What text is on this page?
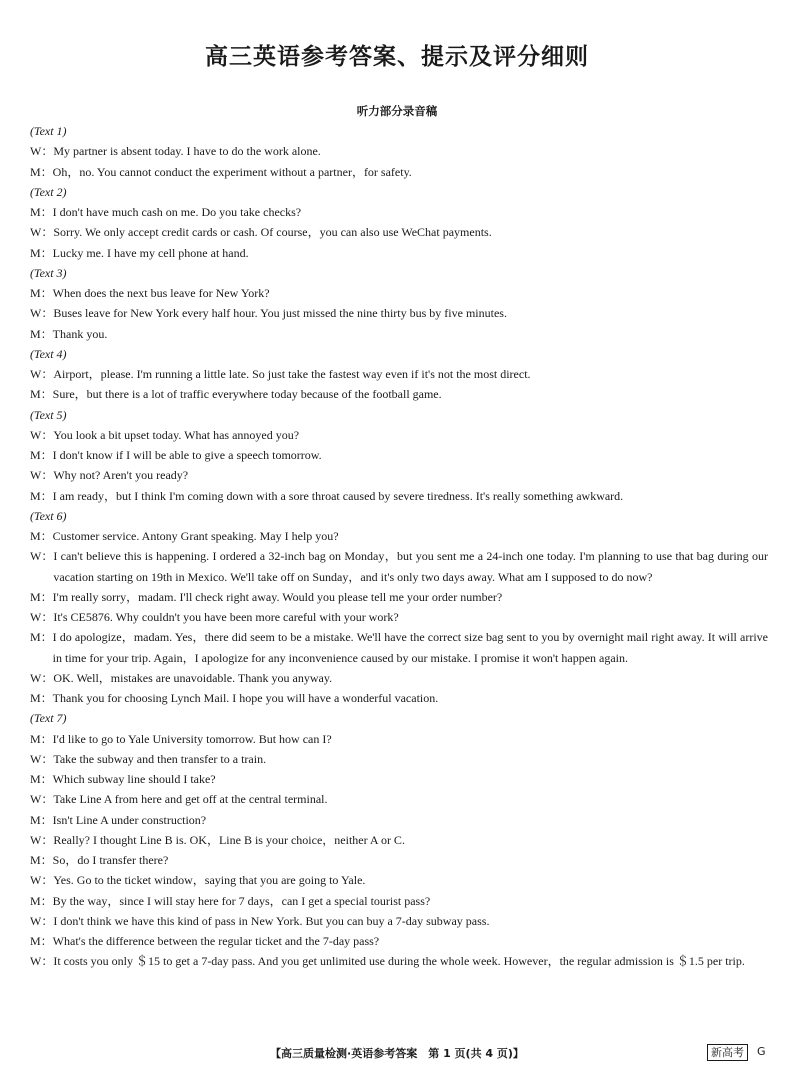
高三英语参考答案、提示及评分细则
听力部分录音稿
(Text 1)
W： My partner is absent today. I have to do the work alone.
M： Oh，no. You cannot conduct the experiment without a partner，for safety.
(Text 2)
M： I don't have much cash on me. Do you take checks?
W： Sorry. We only accept credit cards or cash. Of course，you can also use WeChat payments.
M： Lucky me. I have my cell phone at hand.
(Text 3)
M： When does the next bus leave for New York?
W： Buses leave for New York every half hour. You just missed the nine thirty bus by five minutes.
M： Thank you.
(Text 4)
W： Airport，please. I'm running a little late. So just take the fastest way even if it's not the most direct.
M： Sure，but there is a lot of traffic everywhere today because of the football game.
(Text 5)
W： You look a bit upset today. What has annoyed you?
M： I don't know if I will be able to give a speech tomorrow.
W： Why not? Aren't you ready?
M： I am ready，but I think I'm coming down with a sore throat caused by severe tiredness. It's really something awkward.
(Text 6)
M： Customer service. Antony Grant speaking. May I help you?
W： I can't believe this is happening. I ordered a 32-inch bag on Monday，but you sent me a 24-inch one today. I'm planning to use that bag during our vacation starting on 19th in Mexico. We'll take off on Sunday，and it's only two days away. What am I supposed to do now?
M： I'm really sorry，madam. I'll check right away. Would you please tell me your order number?
W： It's CE5876. Why couldn't you have been more careful with your work?
M： I do apologize，madam. Yes，there did seem to be a mistake. We'll have the correct size bag sent to you by overnight mail right away. It will arrive in time for your trip. Again，I apologize for any inconvenience caused by our mistake. I promise it won't happen again.
W： OK. Well，mistakes are unavoidable. Thank you anyway.
M： Thank you for choosing Lynch Mail. I hope you will have a wonderful vacation.
(Text 7)
M： I'd like to go to Yale University tomorrow. But how can I?
W： Take the subway and then transfer to a train.
M： Which subway line should I take?
W： Take Line A from here and get off at the central terminal.
M： Isn't Line A under construction?
W： Really? I thought Line B is. OK，Line B is your choice，neither A or C.
M： So，do I transfer there?
W： Yes. Go to the ticket window，saying that you are going to Yale.
M： By the way，since I will stay here for 7 days，can I get a special tourist pass?
W： I don't think we have this kind of pass in New York. But you can buy a 7-day subway pass.
M： What's the difference between the regular ticket and the 7-day pass?
W： It costs you only ＄15 to get a 7-day pass. And you get unlimited use during the whole week. However，the regular admission is ＄1.5 per trip.
【高三质量检测·英语参考答案　第 1 页(共 4 页)】	新高考	G
